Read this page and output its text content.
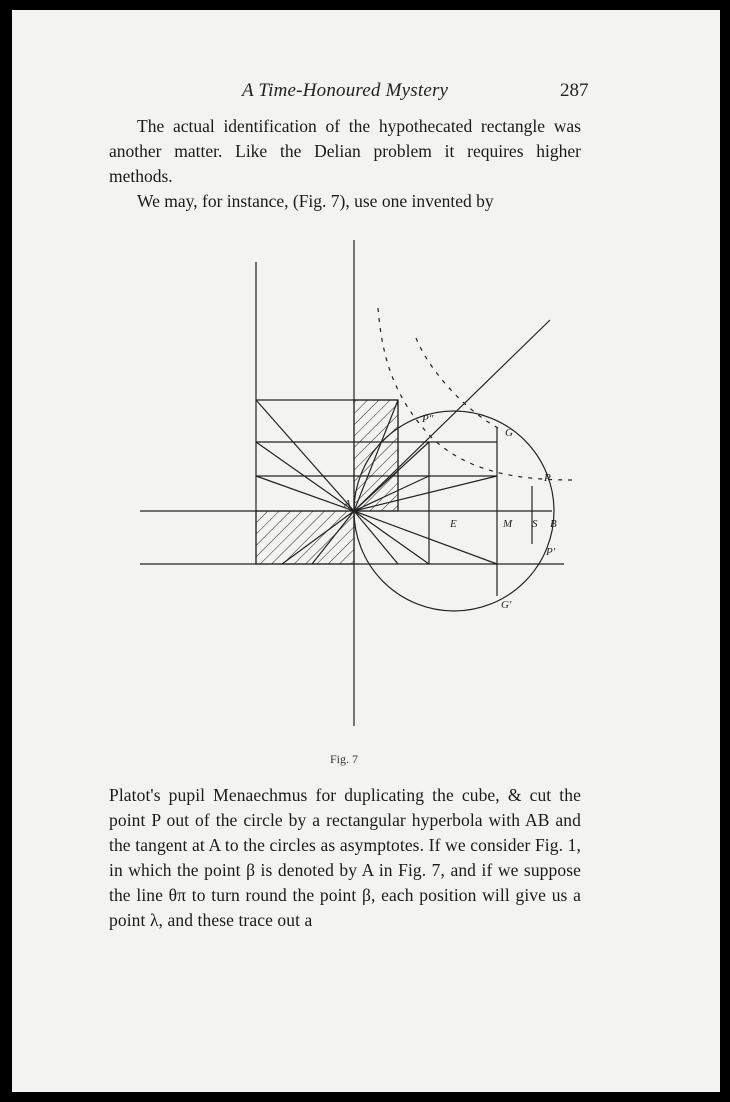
A Time-Honoured Mystery	287

The actual identification of the hypothecated rectangle was another matter. Like the Delian problem it requires higher methods.

We may, for instance, (Fig. 7), use one invented by

A
P"
G
P
E	M S B
P'
G'
Fig. 7

Platot's pupil Menaechmus for duplicating the cube, & cut the point P out of the circle by a rectangular hyperbola with AB and the tangent at A to the circles as asymptotes. If we consider Fig. 1, in which the point β is denoted by A in Fig. 7, and if we suppose the line θπ to turn round the point β, each position will give us a point λ, and these trace out a
